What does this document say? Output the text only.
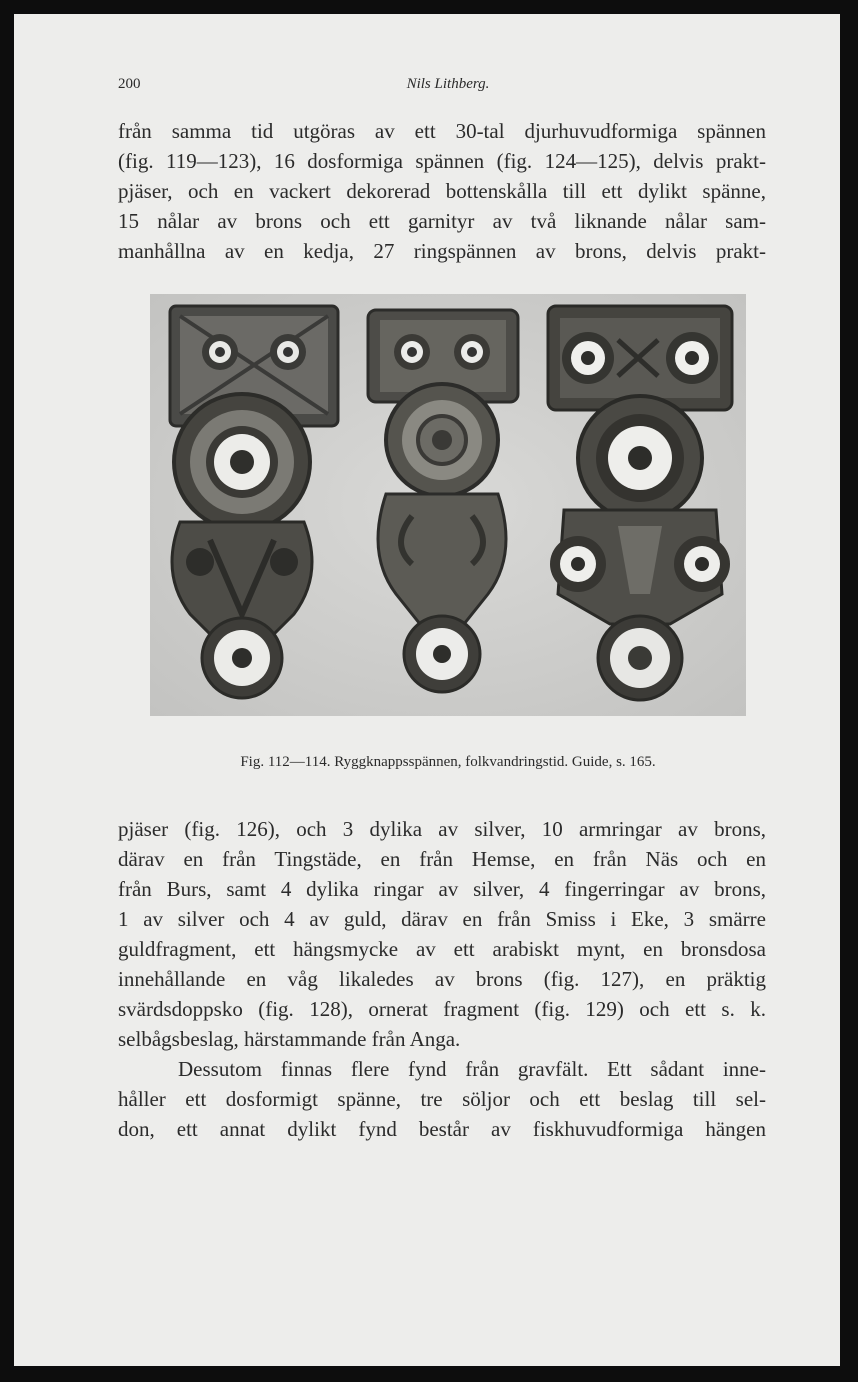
200	Nils Lithberg.
från samma tid utgöras av ett 30-tal djurhuvudformiga spännen
(fig. 119—123), 16 dosformiga spännen (fig. 124—125), delvis prakt-
pjäser, och en vackert dekorerad bottenskålla till ett dylikt spänne,
15 nålar av brons och ett garnityr av två liknande nålar sam-
manhållna av en kedja, 27 ringspännen av brons, delvis prakt-
Fig. 112—114. Ryggknappsspännen, folkvandringstid. Guide, s. 165.
pjäser (fig. 126), och 3 dylika av silver, 10 armringar av brons,
därav en från Tingstäde, en från Hemse, en från Näs och en
från Burs, samt 4 dylika ringar av silver, 4 fingerringar av brons,
1 av silver och 4 av guld, därav en från Smiss i Eke, 3 smärre
guldfragment, ett hängsmycke av ett arabiskt mynt, en bronsdosa
innehållande en våg likaledes av brons (fig. 127), en präktig
svärdsdoppsko (fig. 128), ornerat fragment (fig. 129) och ett s. k.
selbågsbeslag, härstammande från Anga.
Dessutom finnas flere fynd från gravfält. Ett sådant inne-
håller ett dosformigt spänne, tre söljor och ett beslag till sel-
don, ett annat dylikt fynd består av fiskhuvudformiga hängen
